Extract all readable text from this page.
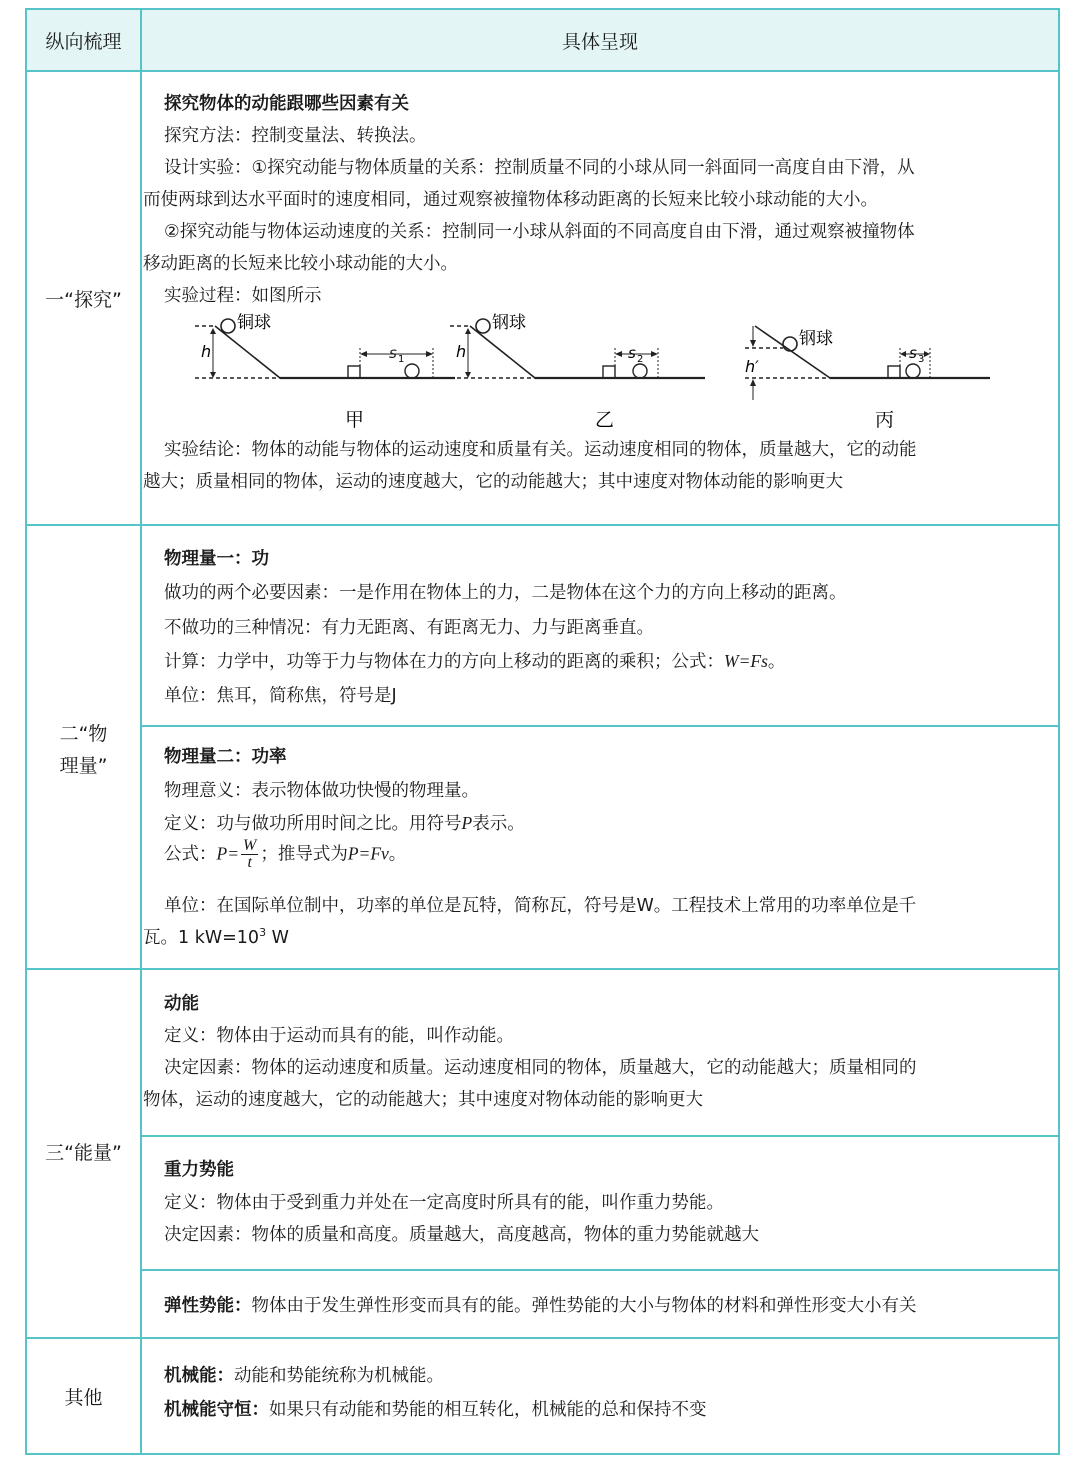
纵向梳理	具体呈现
一“探究”
二“物
理量”
三“能量”
其他
探究物体的动能跟哪些因素有关
探究方法：控制变量法、转换法。
设计实验：①探究动能与物体质量的关系：控制质量不同的小球从同一斜面同一高度自由下滑，从
而使两球到达水平面时的速度相同，通过观察被撞物体移动距离的长短来比较小球动能的大小。
②探究动能与物体运动速度的关系：控制同一小球从斜面的不同高度自由下滑，通过观察被撞物体
移动距离的长短来比较小球动能的大小。
实验过程：如图所示
h
铜球
s 1
甲
h
钢球
s 2
乙
h′
钢球
s 3
丙
实验结论：物体的动能与物体的运动速度和质量有关。运动速度相同的物体，质量越大，它的动能
越大；质量相同的物体，运动的速度越大，它的动能越大；其中速度对物体动能的影响更大
物理量一：功
做功的两个必要因素：一是作用在物体上的力，二是物体在这个力的方向上移动的距离。
不做功的三种情况：有力无距离、有距离无力、力与距离垂直。
计算：力学中，功等于力与物体在力的方向上移动的距离的乘积；公式：W=Fs。
单位：焦耳，简称焦，符号是J
物理量二：功率
物理意义：表示物体做功快慢的物理量。
定义：功与做功所用时间之比。用符号P表示。
公式：$P= \frac{W}{t}$ ；推导式为P=Fv。
单位：在国际单位制中，功率的单位是瓦特，简称瓦，符号是W。工程技术上常用的功率单位是千
瓦。1 $kW=10^3$ W
动能
定义：物体由于运动而具有的能，叫作动能。
决定因素：物体的运动速度和质量。运动速度相同的物体，质量越大，它的动能越大；质量相同的
物体，运动的速度越大，它的动能越大；其中速度对物体动能的影响更大
重力势能
定义：物体由于受到重力并处在一定高度时所具有的能，叫作重力势能。
决定因素：物体的质量和高度。质量越大，高度越高，物体的重力势能就越大
弹性势能：物体由于发生弹性形变而具有的能。弹性势能的大小与物体的材料和弹性形变大小有关
机械能：动能和势能统称为机械能。
机械能守恒：如果只有动能和势能的相互转化，机械能的总和保持不变
